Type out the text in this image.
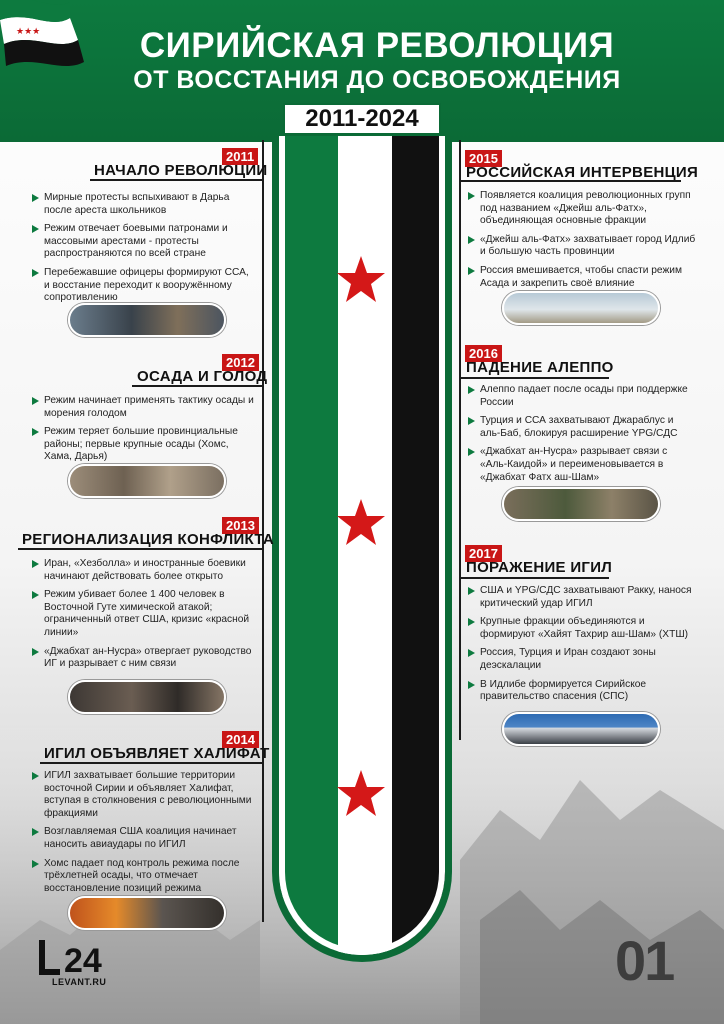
★★★	СИРИЙСКАЯ РЕВОЛЮЦИЯ
ОТ ВОССТАНИЯ ДО ОСВОБОЖДЕНИЯ
2011-2024
2011
НАЧАЛО РЕВОЛЮЦИИ
Мирные протесты вспыхивают в Дарьа после ареста школьников
Режим отвечает боевыми патронами и массовыми арестами - протесты распространяются по всей стране
Перебежавшие офицеры формируют ССА, и восстание переходит к вооружённому сопротивлению
2012
ОСАДА И ГОЛОД
Режим начинает применять тактику осады и морения голодом
Режим теряет большие провинциальные районы; первые крупные осады (Хомс, Хама, Дарья)
2013
РЕГИОНАЛИЗАЦИЯ КОНФЛИКТА
Иран, «Хезболла» и иностранные боевики начинают действовать более открыто
Режим убивает более 1 400 человек в Восточной Гуте химической атакой; ограниченный ответ США, кризис «красной линии»
«Джабхат ан-Нусра» отвергает руководство ИГ и разрывает с ним связи
2014
ИГИЛ ОБЪЯВЛЯЕТ ХАЛИФАТ
ИГИЛ захватывает большие территории восточной Сирии и объявляет Халифат, вступая в столкновения с революционными фракциями
Возглавляемая США коалиция начинает наносить авиаудары по ИГИЛ
Хомс падает под контроль режима после трёхлетней осады, что отмечает восстановление позиций режима
2015
РОССИЙСКАЯ ИНТЕРВЕНЦИЯ
Появляется коалиция революционных групп под названием «Джейш аль-Фатх», объединяющая основные фракции
«Джейш аль-Фатх» захватывает город Идлиб и большую часть провинции
Россия вмешивается, чтобы спасти режим Асада и закрепить своё влияние
2016
ПАДЕНИЕ АЛЕППО
Алеппо падает после осады при поддержке России
Турция и ССА захватывают Джараблус и аль-Баб, блокируя расширение YPG/СДС
«Джабхат ан-Нусра» разрывает связи с «Аль-Каидой» и переименовывается в «Джабхат Фатх аш-Шам»
2017
ПОРАЖЕНИЕ ИГИЛ
США и YPG/СДС захватывают Ракку, нанося критический удар ИГИЛ
Крупные фракции объединяются и формируют «Хайят Тахрир аш-Шам» (ХТШ)
Россия, Турция и Иран создают зоны деэскалации
В Идлибе формируется Сирийское правительство спасения (СПС)
24
LEVANT.RU	01
